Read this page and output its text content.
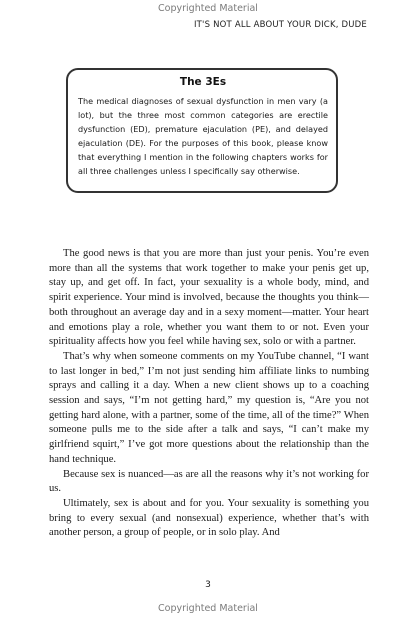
Copyrighted Material
IT'S NOT ALL ABOUT YOUR DICK, DUDE
The 3Es

The medical diagnoses of sexual dysfunction in men vary (a lot), but the three most common categories are erectile dysfunction (ED), premature ejaculation (PE), and delayed ejaculation (DE). For the purposes of this book, please know that everything I mention in the following chapters works for all three challenges unless I specifically say otherwise.

The good news is that you are more than just your penis. You’re even more than all the systems that work together to make your penis get up, stay up, and get off. In fact, your sexuality is a whole body, mind, and spirit experience. Your mind is involved, because the thoughts you think—both throughout an average day and in a sexy moment—matter. Your heart and emotions play a role, whether you want them to or not. Even your spirituality affects how you feel while having sex, solo or with a partner.

That’s why when someone comments on my YouTube channel, “I want to last longer in bed,” I’m not just sending him affiliate links to numbing sprays and calling it a day. When a new client shows up to a coaching session and says, “I’m not getting hard,” my question is, “Are you not getting hard alone, with a partner, some of the time, all of the time?” When someone pulls me to the side after a talk and says, “I can’t make my girlfriend squirt,” I’ve got more questions about the relationship than the hand technique.

Because sex is nuanced—as are all the reasons why it’s not working for us.

Ultimately, sex is about and for you. Your sexuality is something you bring to every sexual (and nonsexual) experience, whether that’s with another person, a group of people, or in solo play. And

3
Copyrighted Material
